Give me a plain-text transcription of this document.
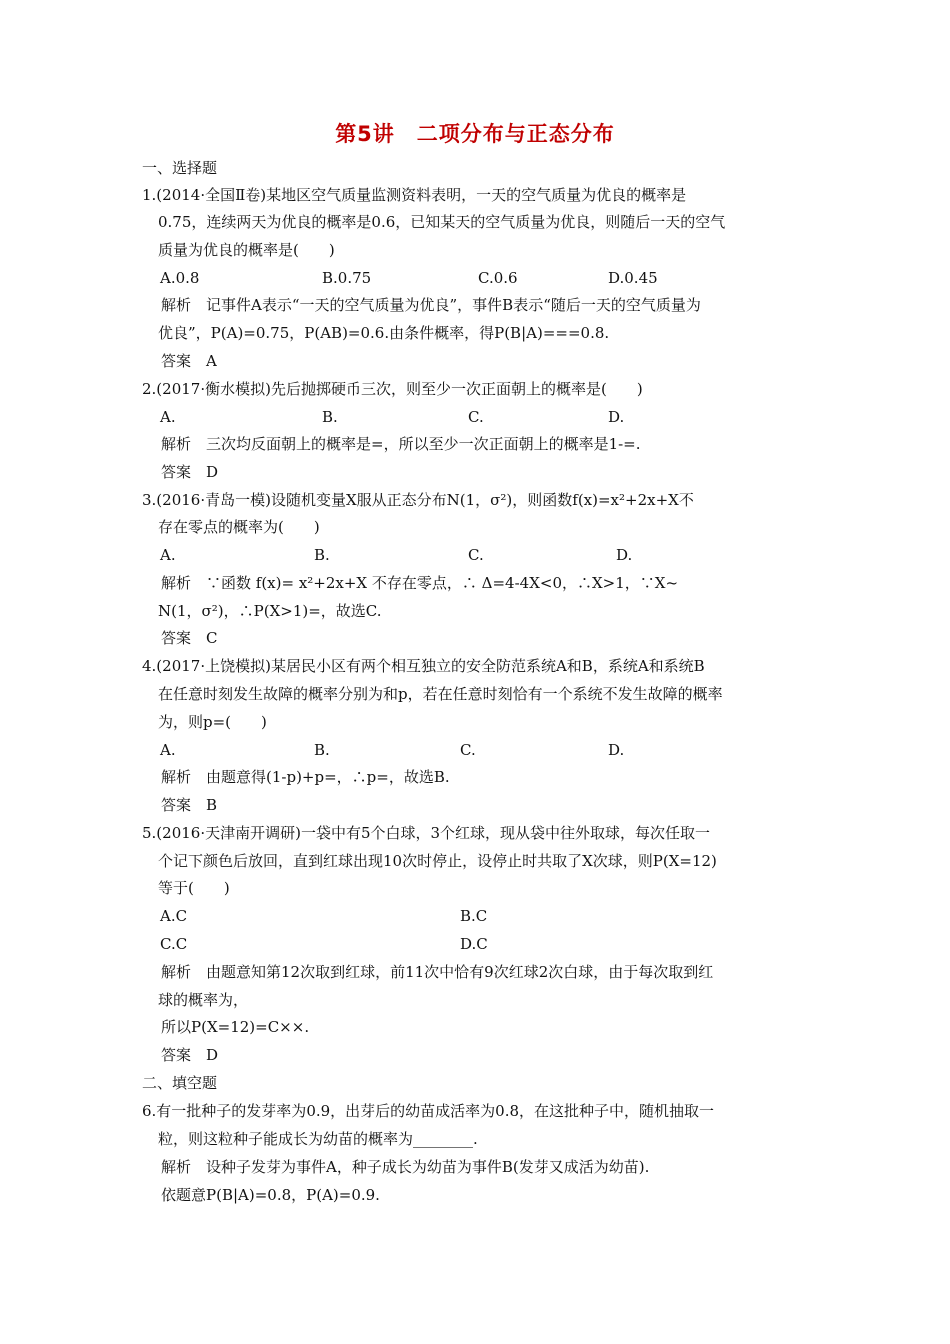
第5讲　二项分布与正态分布
一、选择题
1.(2014·全国Ⅱ卷)某地区空气质量监测资料表明，一天的空气质量为优良的概率是
0.75，连续两天为优良的概率是0.6，已知某天的空气质量为优良，则随后一天的空气
质量为优良的概率是(　　)
A.0.8	B.0.75	C.0.6	D.0.45
解析　记事件A表示“一天的空气质量为优良”，事件B表示“随后一天的空气质量为
优良”，P(A)=0.75，P(AB)=0.6.由条件概率，得P(B|A)===0.8.
答案　A
2.(2017·衡水模拟)先后抛掷硬币三次，则至少一次正面朝上的概率是(　　)
A.	B.	C.	D.
解析　三次均反面朝上的概率是=，所以至少一次正面朝上的概率是1-=.
答案　D
3.(2016·青岛一模)设随机变量X服从正态分布N(1，σ²)，则函数f(x)=x²+2x+X不
存在零点的概率为(　　)
A.	B.	C.	D.
解析　∵函数 f(x)= x²+2x+X 不存在零点，∴ Δ=4-4X<0，∴X>1，∵X~
N(1，σ²)，∴P(X>1)=，故选C.
答案　C
4.(2017·上饶模拟)某居民小区有两个相互独立的安全防范系统A和B，系统A和系统B
在任意时刻发生故障的概率分别为和p，若在任意时刻恰有一个系统不发生故障的概率
为，则p=(　　)
A.	B.	C.	D.
解析　由题意得(1-p)+p=，∴p=，故选B.
答案　B
5.(2016·天津南开调研)一袋中有5个白球，3个红球，现从袋中往外取球，每次任取一
个记下颜色后放回，直到红球出现10次时停止，设停止时共取了X次球，则P(X=12)
等于(　　)
A.C	B.C
C.C	D.C
解析　由题意知第12次取到红球，前11次中恰有9次红球2次白球，由于每次取到红
球的概率为，
所以P(X=12)=C××.
答案　D
二、填空题
6.有一批种子的发芽率为0.9，出芽后的幼苗成活率为0.8，在这批种子中，随机抽取一
粒，则这粒种子能成长为幼苗的概率为________.
解析　设种子发芽为事件A，种子成长为幼苗为事件B(发芽又成活为幼苗).
依题意P(B|A)=0.8，P(A)=0.9.
